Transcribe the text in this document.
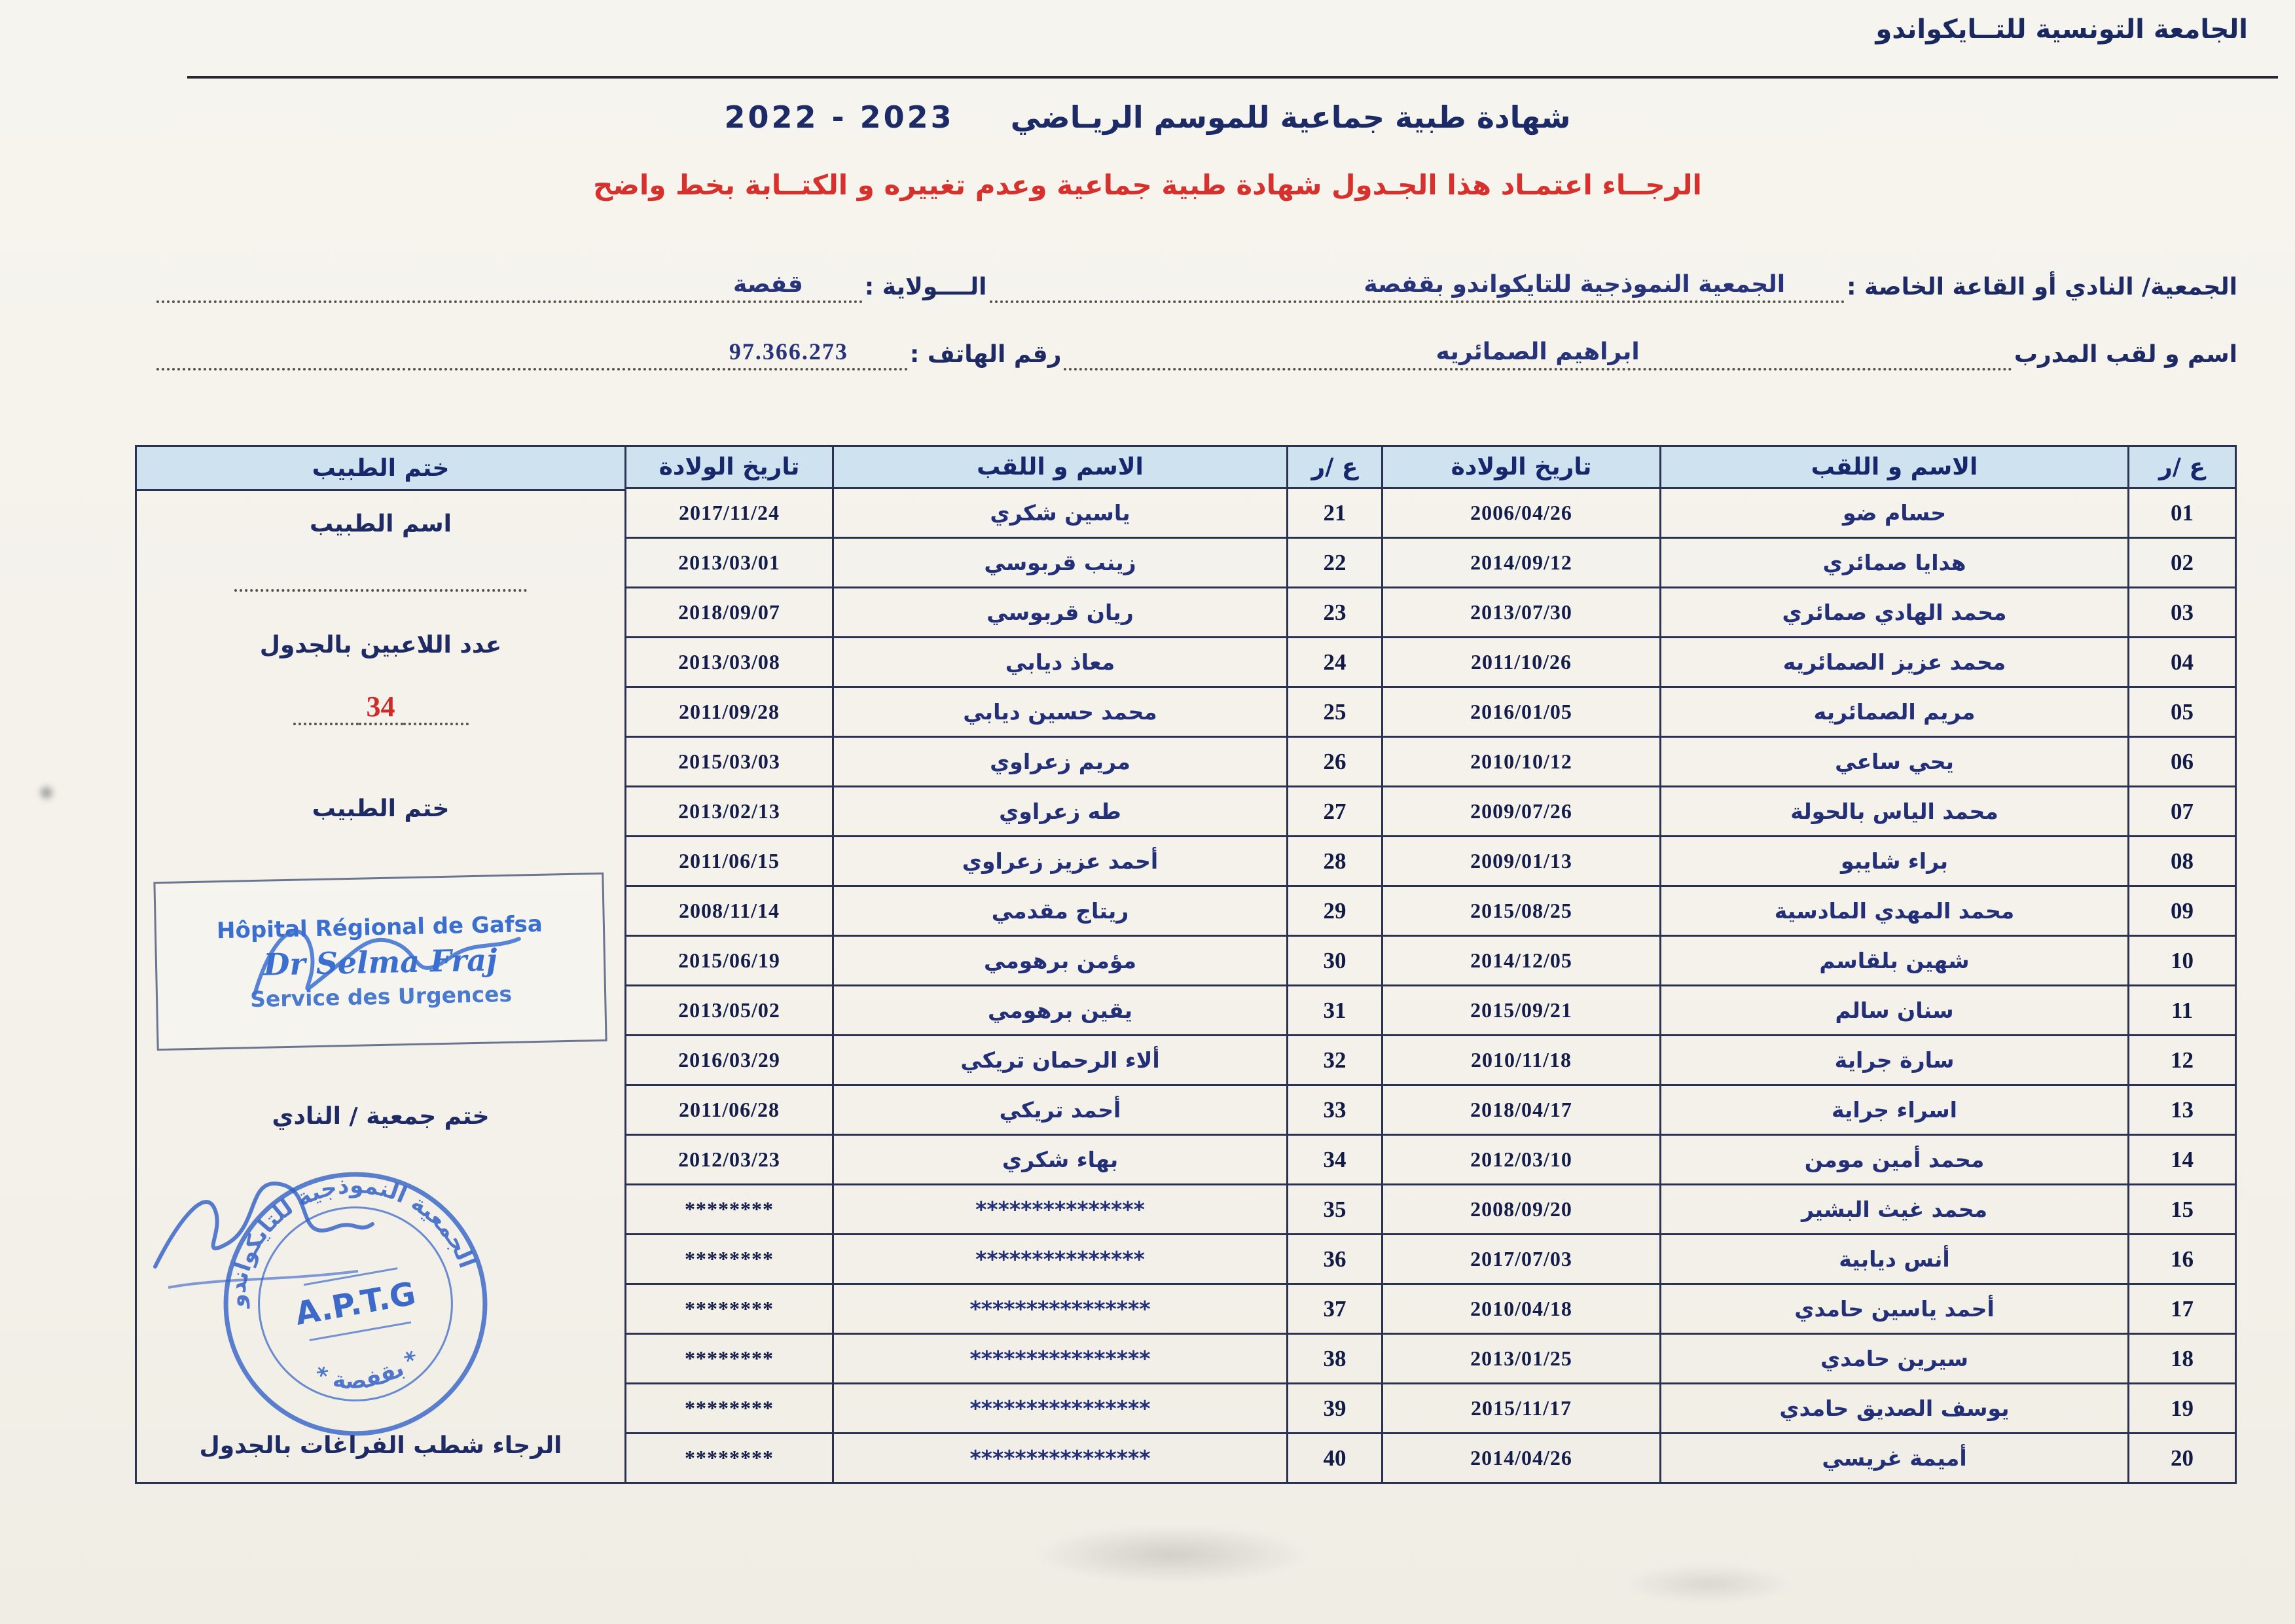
الجامعة التونسية للتــايكواندو
شهادة طبية جماعية للموسم الريـاضي 2022 - 2023
الرجــاء اعتمـاد هذا الجـدول شهادة طبية جماعية وعدم تغييره و الكتــابة بخط واضح
الجمعية/ النادي أو القاعة الخاصة :
الجمعية النموذجية للتايكواندو بقفصة
الــــولاية :
قفصة
اسم و لقب المدرب
ابراهيم الصمائريه
رقم الهاتف :
97.366.273
ع /ر	الاسم و اللقب	تاريخ الولادة	ع /ر	الاسم و اللقب	تاريخ الولادة
01	حسام ضو	2006/04/26	21	ياسين شكري	2017/11/24
02	هدايا صمائري	2014/09/12	22	زينب قربوسي	2013/03/01
03	محمد الهادي صمائري	2013/07/30	23	ريان قربوسي	2018/09/07
04	محمد عزيز الصمائريه	2011/10/26	24	معاذ ديابي	2013/03/08
05	مريم الصمائريه	2016/01/05	25	محمد حسين ديابي	2011/09/28
06	يحي ساعي	2010/10/12	26	مريم زعراوي	2015/03/03
07	محمد الياس بالحولة	2009/07/26	27	طه زعراوي	2013/02/13
08	براء شايبو	2009/01/13	28	أحمد عزيز زعراوي	2011/06/15
09	محمد المهدي المادسية	2015/08/25	29	ريتاج مقدمي	2008/11/14
10	شهين بلقاسم	2014/12/05	30	مؤمن برهومي	2015/06/19
11	سنان سالم	2015/09/21	31	يقين برهومي	2013/05/02
12	سارة جراية	2010/11/18	32	ألاء الرحمان تريكي	2016/03/29
13	اسراء جراية	2018/04/17	33	أحمد تريكي	2011/06/28
14	محمد أمين مومن	2012/03/10	34	بهاء شكري	2012/03/23
15	محمد غيث البشير	2008/09/20	35	***************	********
16	أنس ديابية	2017/07/03	36	***************	********
17	أحمد ياسين حامدي	2010/04/18	37	****************	********
18	سيرين حامدي	2013/01/25	38	****************	********
19	يوسف الصديق حامدي	2015/11/17	39	****************	********
20	أميمة غريسي	2014/04/26	40	****************	********
ختم الطبيب
اسم الطبيب
عدد اللاعبين بالجدول
34
ختم الطبيب
Hôpital Régional de Gafsa
Dr Selma Fraj
Service des Urgences
ختم جمعية / النادي
الجمعية النموذجية للتايكواندو
* بقفصة *
A.P.T.G
الرجاء شطب الفراغات بالجدول
